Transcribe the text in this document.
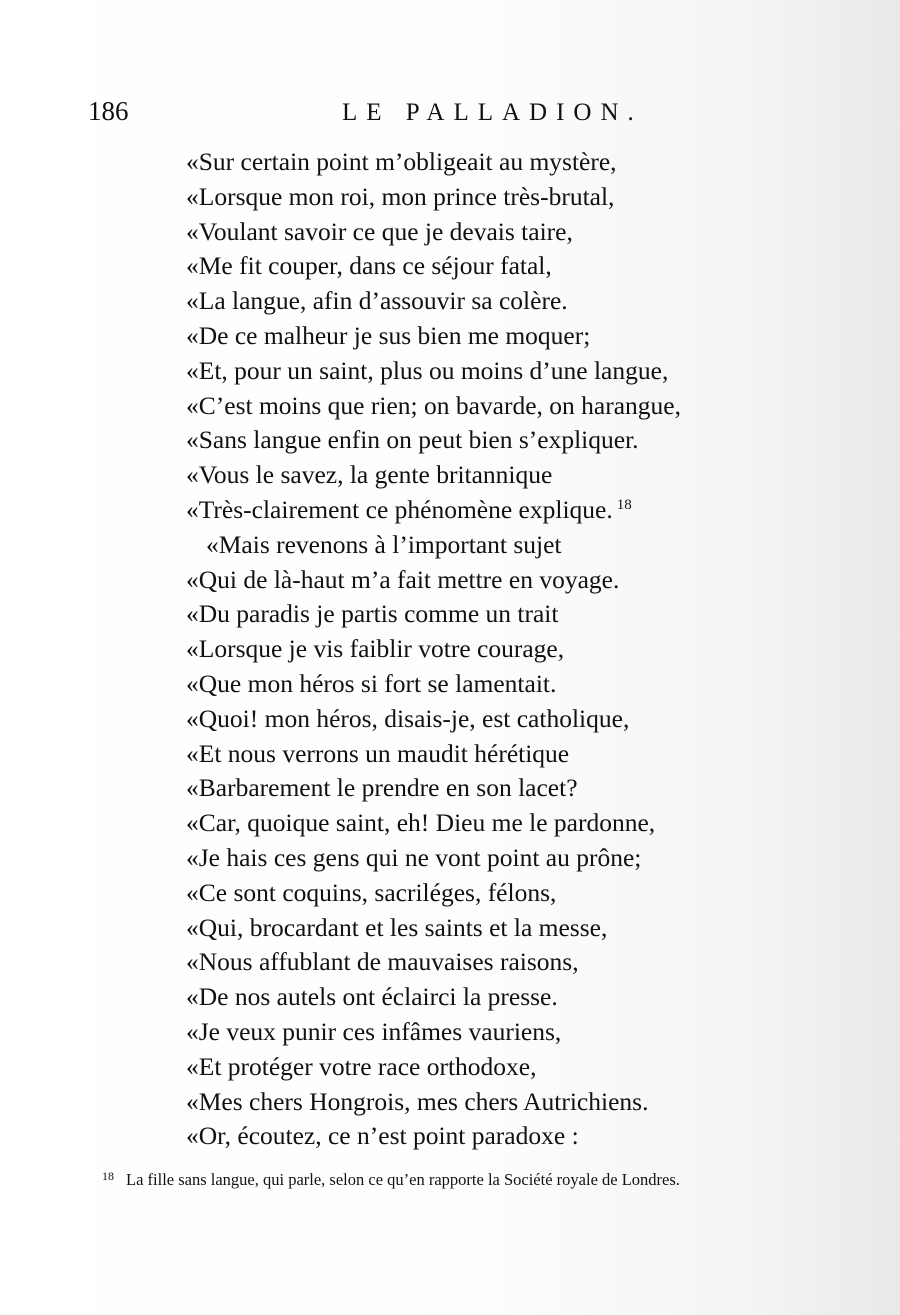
186	LE PALLADION.
«Sur certain point m’obligeait au mystère,
«Lorsque mon roi, mon prince très-brutal,
«Voulant savoir ce que je devais taire,
«Me fit couper, dans ce séjour fatal,
«La langue, afin d’assouvir sa colère.
«De ce malheur je sus bien me moquer;
«Et, pour un saint, plus ou moins d’une langue,
«C’est moins que rien; on bavarde, on harangue,
«Sans langue enfin on peut bien s’expliquer.
«Vous le savez, la gente britannique
«Très-clairement ce phénomène explique. $^{18}$
«Mais revenons à l’important sujet
«Qui de là-haut m’a fait mettre en voyage.
«Du paradis je partis comme un trait
«Lorsque je vis faiblir votre courage,
«Que mon héros si fort se lamentait.
«Quoi! mon héros, disais-je, est catholique,
«Et nous verrons un maudit hérétique
«Barbarement le prendre en son lacet?
«Car, quoique saint, eh! Dieu me le pardonne,
«Je hais ces gens qui ne vont point au prône;
«Ce sont coquins, sacriléges, félons,
«Qui, brocardant et les saints et la messe,
«Nous affublant de mauvaises raisons,
«De nos autels ont éclairci la presse.
«Je veux punir ces infâmes vauriens,
«Et protéger votre race orthodoxe,
«Mes chers Hongrois, mes chers Autrichiens.
«Or, écoutez, ce n’est point paradoxe :
$^{18}$ La fille sans langue, qui parle, selon ce qu’en rapporte la Société royale de Londres.
